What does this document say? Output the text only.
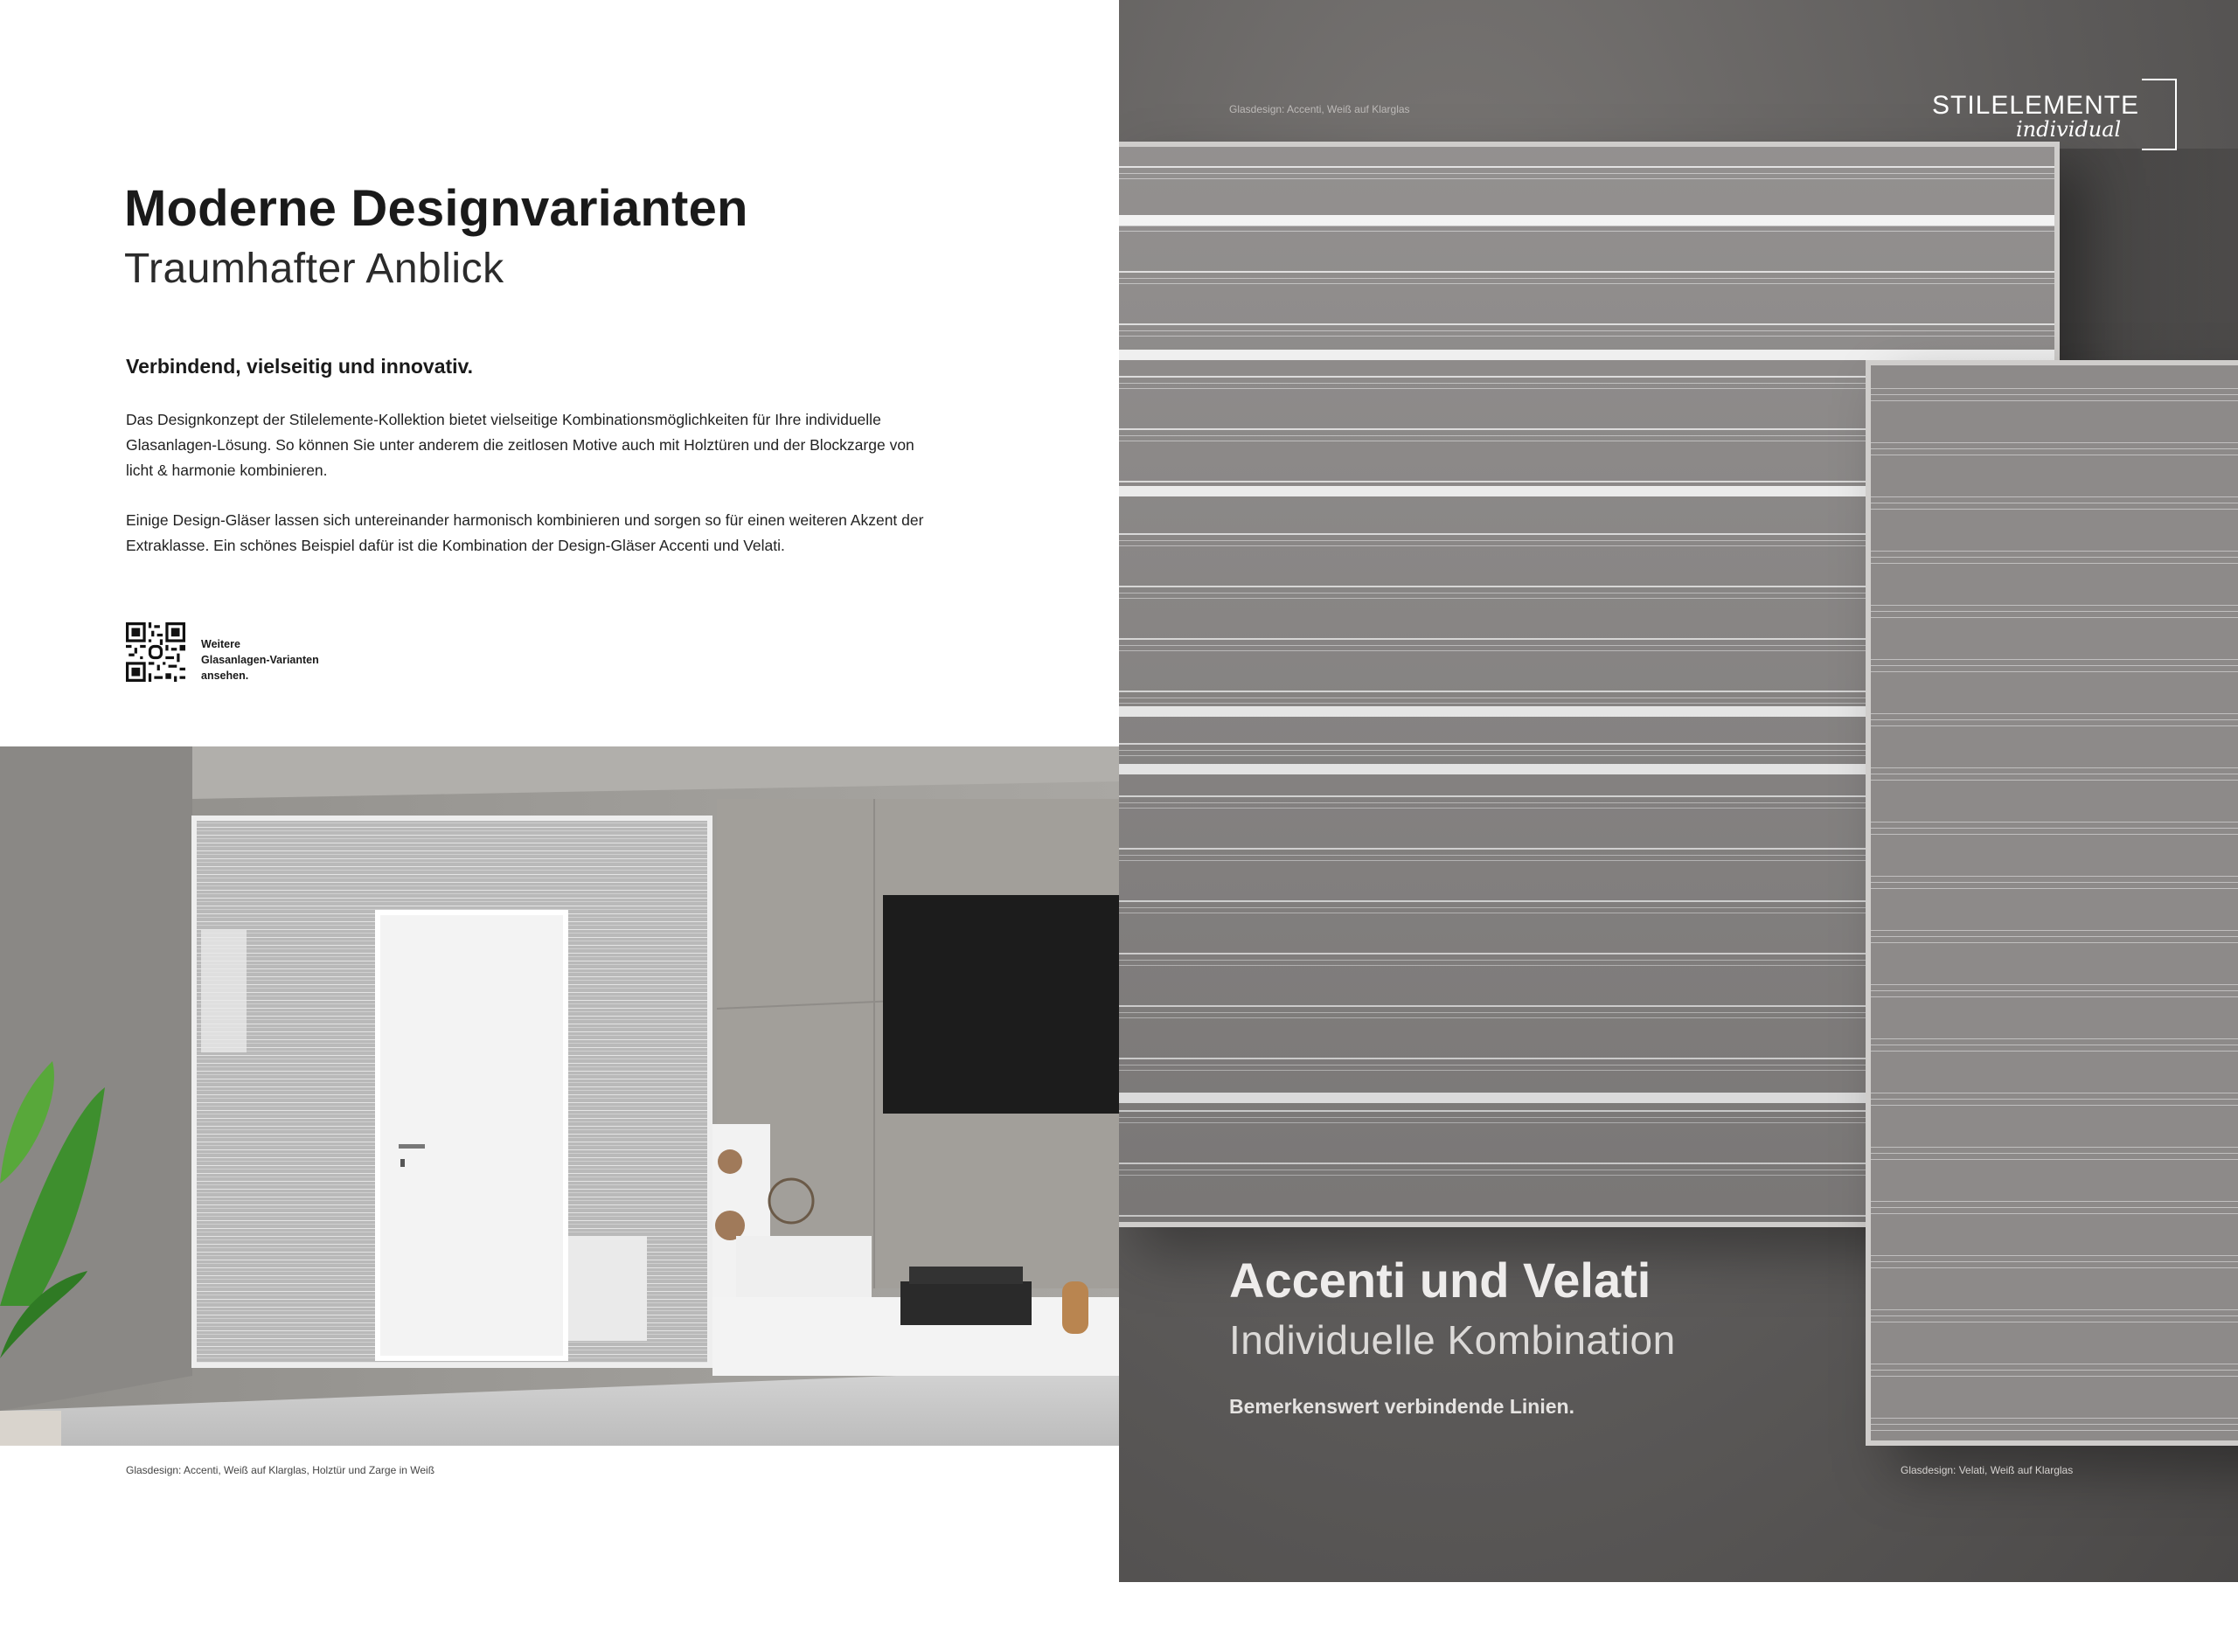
Moderne Designvarianten
Traumhafter Anblick

Verbindend, vielseitig und innovativ.

Das Designkonzept der Stilelemente-Kollektion bietet vielseitige Kombinationsmöglichkeiten für Ihre individuelle Glasanlagen-Lösung. So können Sie unter anderem die zeitlosen Motive auch mit Holztüren und der Blockzarge von licht & harmonie kombinieren.

Einige Design-Gläser lassen sich untereinander harmonisch kombinieren und sorgen so für einen weiteren Akzent der Extraklasse. Ein schönes Beispiel dafür ist die Kombination der Design-Gläser Accenti und Velati.

Weitere
Glasanlagen-Varianten
ansehen.
Glasdesign: Accenti, Weiß auf Klarglas, Holztür und Zarge in Weiß
Glasdesign: Accenti, Weiß auf Klarglas	STILELEMENTE
individual
Accenti und Velati
Individuelle Kombination

Bemerkenswert verbindende Linien.

Glasdesign: Velati, Weiß auf Klarglas
